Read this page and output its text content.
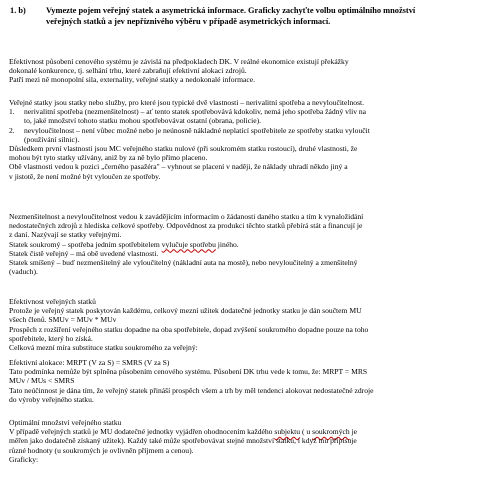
1. b) Vymezte pojem veřejný statek a asymetrická informace. Graficky zachyťte volbu optimálního množství
veřejných statků a jev nepříznivého výběru v případě asymetrických informací.
Efektivnost působení cenového systému je závislá na předpokladech DK. V reálné ekonomice existují překážky
dokonalé konkurence, tj. selhání trhu, které zabraňují efektivní alokaci zdrojů.
Patří mezi ně monopolní sila, externality, veřejné statky a nedokonalé informace.
Veřejné statky jsou statky nebo služby, pro které jsou typické dvě vlastnosti – nerivalitní spotřeba a nevyloučitelnost.
1. nerivalitní spotřeba (nezmenšitelnost) – ať tento statek spotřebovává kdokoliv, nemá jeho spotřeba žádný vliv na
to, jaké množství tohoto statku mohou spotřebovávat ostatní (obrana, policie).
2. nevyloučitelnost – není vůbec možné nebo je neúnosně nákladné neplatící spotřebitele ze spotřeby statku vyloučit
(používání silnic).
Důsledkem první vlastnosti jsou MC veřejného statku nulové (při soukromém statku rostoucí), druhé vlastnosti, že
mohou být tyto statky užívány, aniž by za ně bylo přímo placeno.
Obě vlastnosti vedou k pozici „černého pasažéra" – vyhnout se placení v naději, že náklady uhradí někdo jiný a
v jistotě, že není možné být vyloučen ze spotřeby.
Nezmenšitelnost a nevyloučitelnost vedou k zavádějícím informacím o žádanosti daného statku a tím k vynaložidání
nedostatečných zdrojů z hlediska celkové spotřeby. Odpovědnost za produkci těchto statků přebírá stát a financují je
z daní. Nazývají se statky veřejnými.
Statek soukromý – spotřeba jedním spotřebitelem vylučuje spotřebu jiného.
Statek čistě veřejný – má obě uvedené vlastnosti.
Statek smíšený – buď nezmenšitelný ale vyloučitelný (nákladní auta na mostě), nebo nevyloučitelný a zmenšitelný
(vaduch).
Efektivnost veřejných statků
Protože je veřejný statek poskytován každému, celkový mezní užitek dodatečné jednotky statku je dán součtem MU
všech členů. SMUv = MUv * MUv
Prospěch z rozšíření veřejného statku dopadne na oba spotřebitele, dopad zvýšení soukromého dopadne pouze na toho
spotřebitele, který ho získá.
Celková mezní míra substituce statku soukromého za veřejný:
Efektivní alokace: MRPT (V za S) = SMRS (V za S)
Tato podmínka nemůže být splněna působením cenového systému. Působení DK trhu vede k tomu, že: MRPT = MRS
MUv / MUs < SMRS
Tato neúčinnost je dána tím, že veřejný statek přináší prospěch všem a trh by měl tendenci alokovat nedostatečné zdroje
do výroby veřejného statku.
Optimální množství veřejného statku
V případě veřejných statků je MU dodatečné jednotky vyjádřen ohodnocením každého subjektu ( u soukromých je
měřen jako dodatečně získaný užitek). Každý také může spotřebovávat stejné množství statku, i když mu připisuje
různé hodnoty (u soukromých je ovlivněn příjmem a cenou).
Graficky:
